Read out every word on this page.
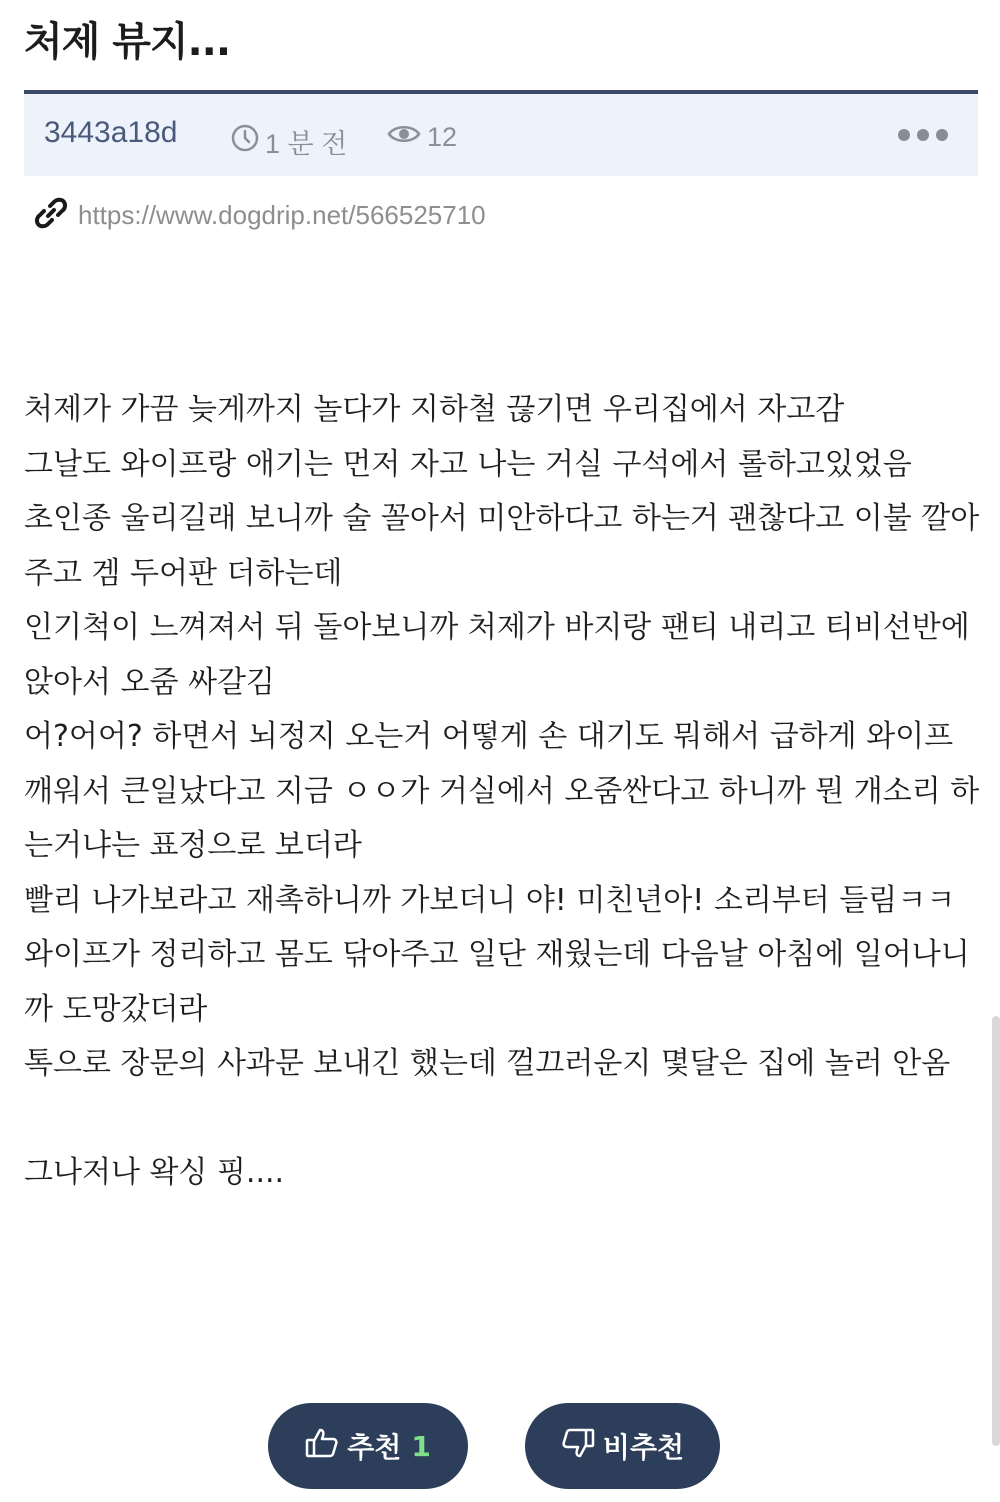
처제 뷰지...
3443a18d	1 분 전	12
https://www.dogdrip.net/566525710

처제가 가끔 늦게까지 놀다가 지하철 끊기면 우리집에서 자고감

그날도 와이프랑 애기는 먼저 자고 나는 거실 구석에서 롤하고있었음

초인종 울리길래 보니까 술 꼴아서 미안하다고 하는거 괜찮다고 이불 깔아주고 겜 두어판 더하는데

인기척이 느껴져서 뒤 돌아보니까 처제가 바지랑 팬티 내리고 티비선반에 앉아서 오줌 싸갈김

어?어어? 하면서 뇌정지 오는거 어떻게 손 대기도 뭐해서 급하게 와이프 깨워서 큰일났다고 지금 ㅇㅇ가 거실에서 오줌싼다고 하니까 뭔 개소리 하는거냐는 표정으로 보더라

빨리 나가보라고 재촉하니까 가보더니 야! 미친년아! 소리부터 들림ㅋㅋ

와이프가 정리하고 몸도 닦아주고 일단 재웠는데 다음날 아침에 일어나니까 도망갔더라

톡으로 장문의 사과문 보내긴 했는데 껄끄러운지 몇달은 집에 놀러 안옴

그나저나 왁싱 핑....

추천 1	비추천
